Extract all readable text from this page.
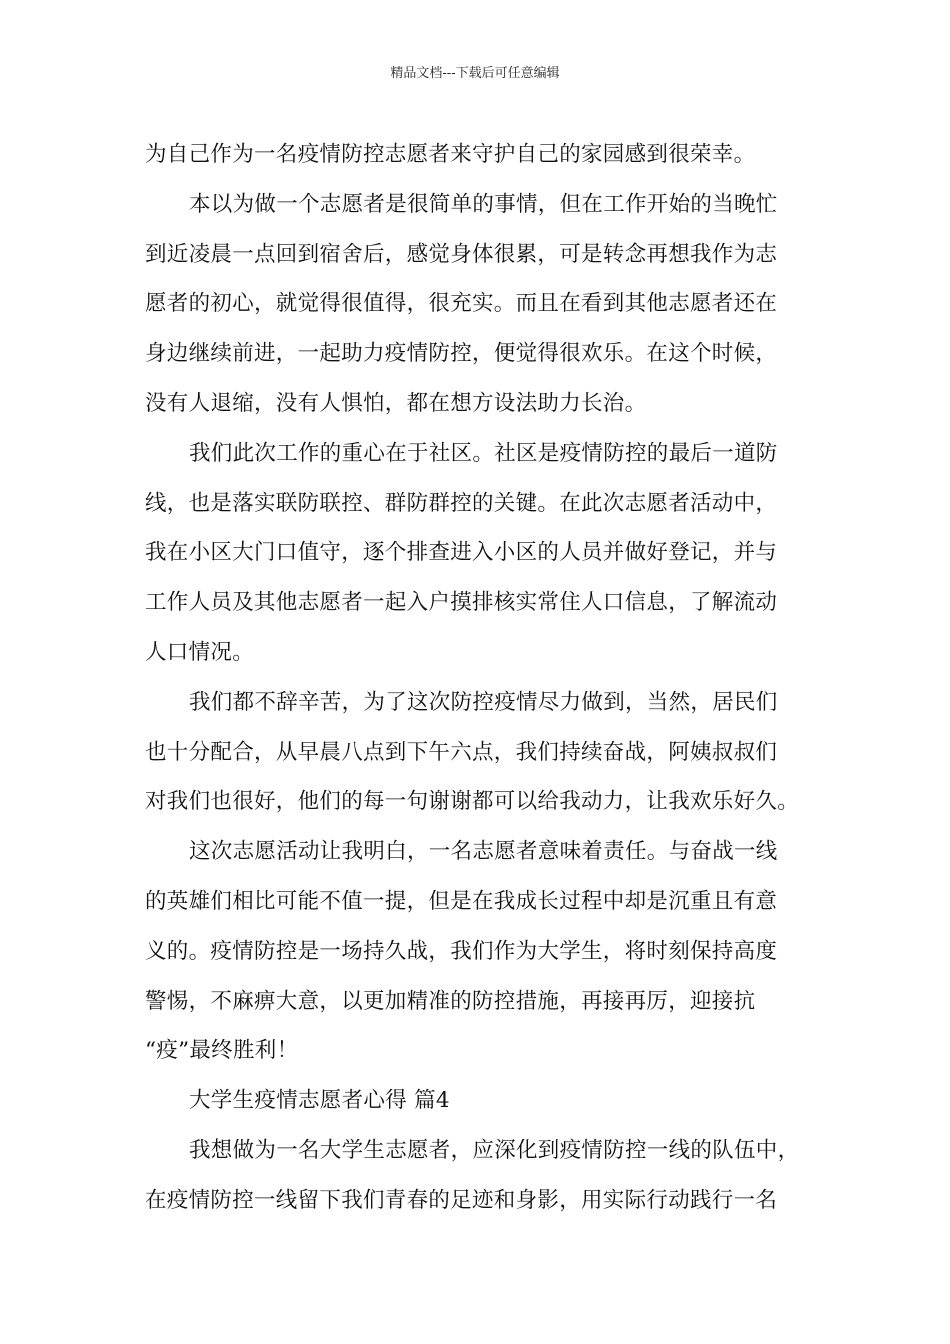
精品文档---下载后可任意编辑
为自己作为一名疫情防控志愿者来守护自己的家园感到很荣幸。
本以为做一个志愿者是很简单的事情，但在工作开始的当晚忙
到近凌晨一点回到宿舍后，感觉身体很累，可是转念再想我作为志
愿者的初心，就觉得很值得，很充实。而且在看到其他志愿者还在
身边继续前进，一起助力疫情防控，便觉得很欢乐。在这个时候，
没有人退缩，没有人惧怕，都在想方设法助力长治。
我们此次工作的重心在于社区。社区是疫情防控的最后一道防
线，也是落实联防联控、群防群控的关键。在此次志愿者活动中，
我在小区大门口值守，逐个排查进入小区的人员并做好登记，并与
工作人员及其他志愿者一起入户摸排核实常住人口信息，了解流动
人口情况。
我们都不辞辛苦，为了这次防控疫情尽力做到，当然，居民们
也十分配合，从早晨八点到下午六点，我们持续奋战，阿姨叔叔们
对我们也很好，他们的每一句谢谢都可以给我动力，让我欢乐好久。
这次志愿活动让我明白，一名志愿者意味着责任。与奋战一线
的英雄们相比可能不值一提，但是在我成长过程中却是沉重且有意
义的。疫情防控是一场持久战，我们作为大学生，将时刻保持高度
警惕，不麻痹大意，以更加精准的防控措施，再接再厉，迎接抗
“疫”最终胜利！
大学生疫情志愿者心得 篇4
我想做为一名大学生志愿者，应深化到疫情防控一线的队伍中，
在疫情防控一线留下我们青春的足迹和身影，用实际行动践行一名
